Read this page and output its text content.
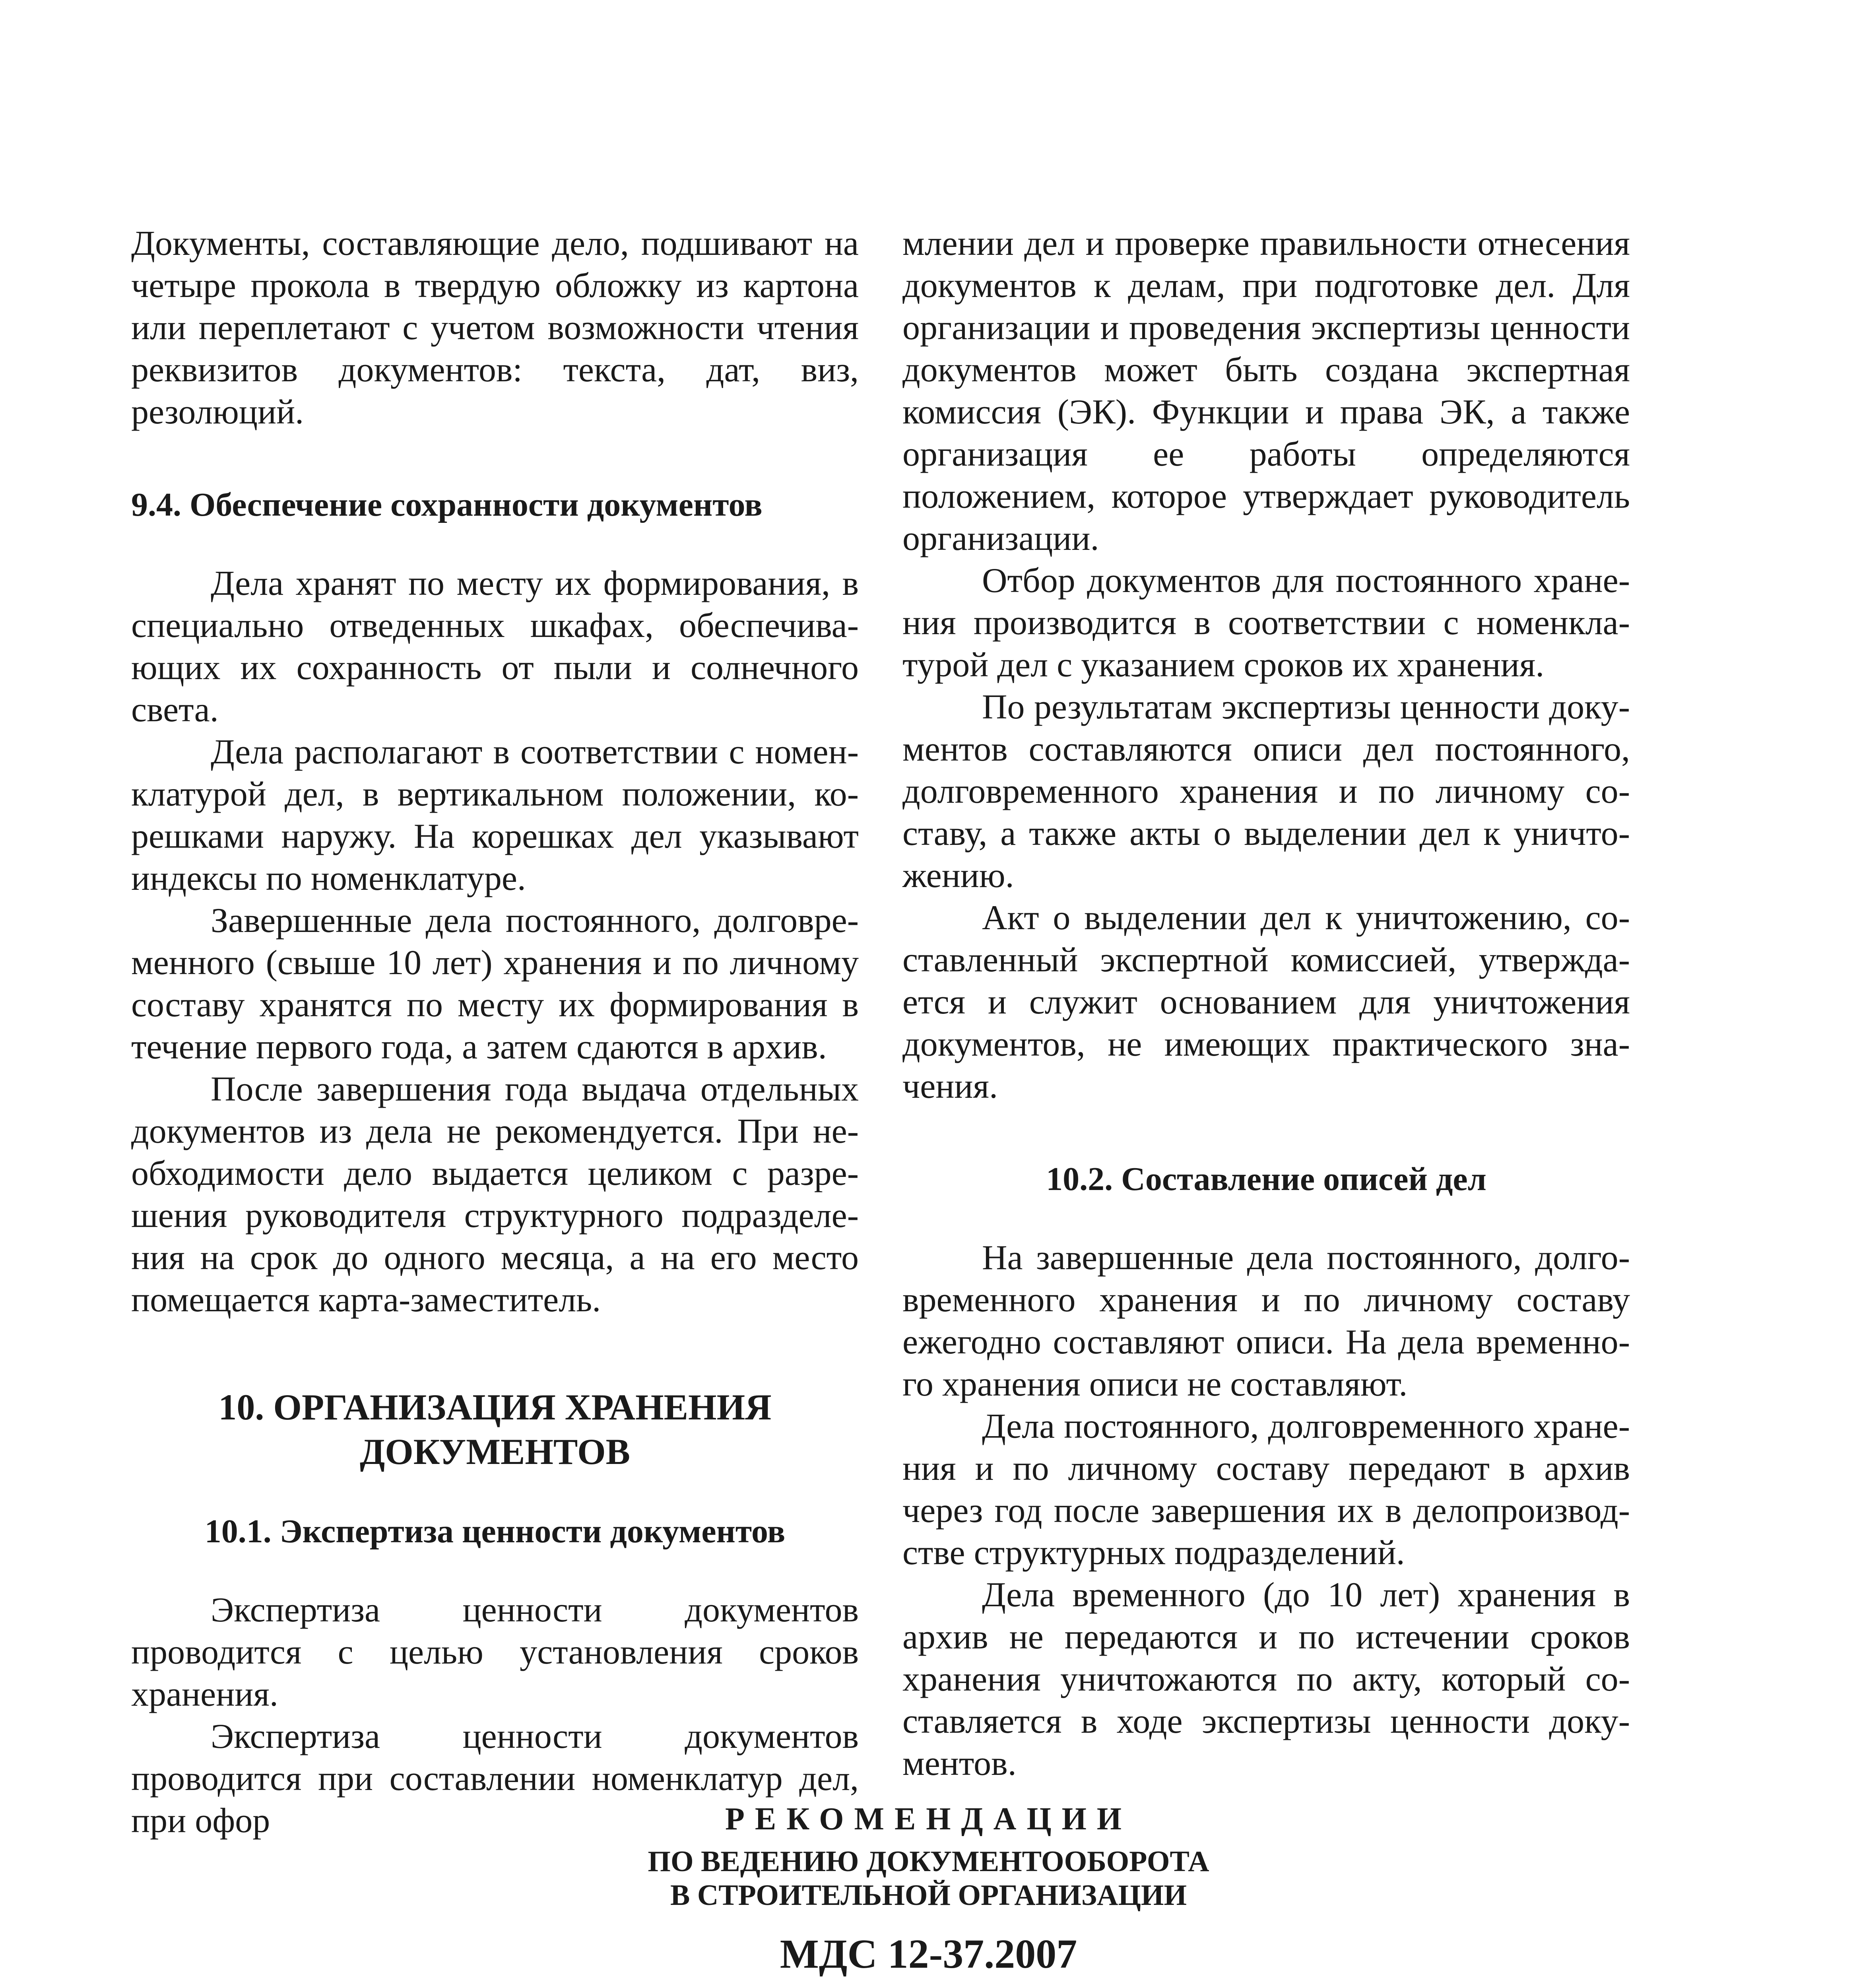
Документы, составляющие дело, подшивают на четыре прокола в твердую обложку из картона или переплетают с учетом возможности чтения реквизитов документов: текста, дат, виз, резолюций.

9.4. Обеспечение сохранности документов

Дела хранят по месту их формирования, в специально отведенных шкафах, обеспечивающих их сохранность от пыли и солнечного света.

Дела располагают в соответствии с номенклатурой дел, в вертикальном положении, корешками наружу. На корешках дел указывают индексы по номенклатуре.

Завершенные дела постоянного, долговременного (свыше 10 лет) хранения и по личному составу хранятся по месту их формирования в течение первого года, а затем сдаются в архив.

После завершения года выдача отдельных документов из дела не рекомендуется. При необходимости дело выдается целиком с разрешения руководителя структурного подразделения на срок до одного месяца, а на его место помещается карта-заместитель.

10. ОРГАНИЗАЦИЯ ХРАНЕНИЯ ДОКУМЕНТОВ
10.1. Экспертиза ценности документов

Экспертиза ценности документов проводится с целью установления сроков хранения.

Экспертиза ценности документов проводится при составлении номенклатур дел, при офор

млении дел и проверке правильности отнесения документов к делам, при подготовке дел. Для организации и проведения экспертизы ценности документов может быть создана экспертная комиссия (ЭК). Функции и права ЭК, а также организация ее работы определяются положением, которое утверждает руководитель организации.

Отбор документов для постоянного хранения производится в соответствии с номенклатурой дел с указанием сроков их хранения.

По результатам экспертизы ценности документов составляются описи дел постоянного, долговременного хранения и по личному составу, а также акты о выделении дел к уничтожению.

Акт о выделении дел к уничтожению, составленный экспертной комиссией, утверждается и служит основанием для уничтожения документов, не имеющих практического значения.

10.2. Составление описей дел

На завершенные дела постоянного, долговременного хранения и по личному составу ежегодно составляют описи. На дела временного хранения описи не составляют.

Дела постоянного, долговременного хранения и по личному составу передают в архив через год после завершения их в делопроизводстве структурных подразделений.

Дела временного (до 10 лет) хранения в архив не передаются и по истечении сроков хранения уничтожаются по акту, который составляется в ходе экспертизы ценности документов.

РЕКОМЕНДАЦИИ
ПО ВЕДЕНИЮ ДОКУМЕНТООБОРОТА
В СТРОИТЕЛЬНОЙ ОРГАНИЗАЦИИ
МДС 12-37.2007
